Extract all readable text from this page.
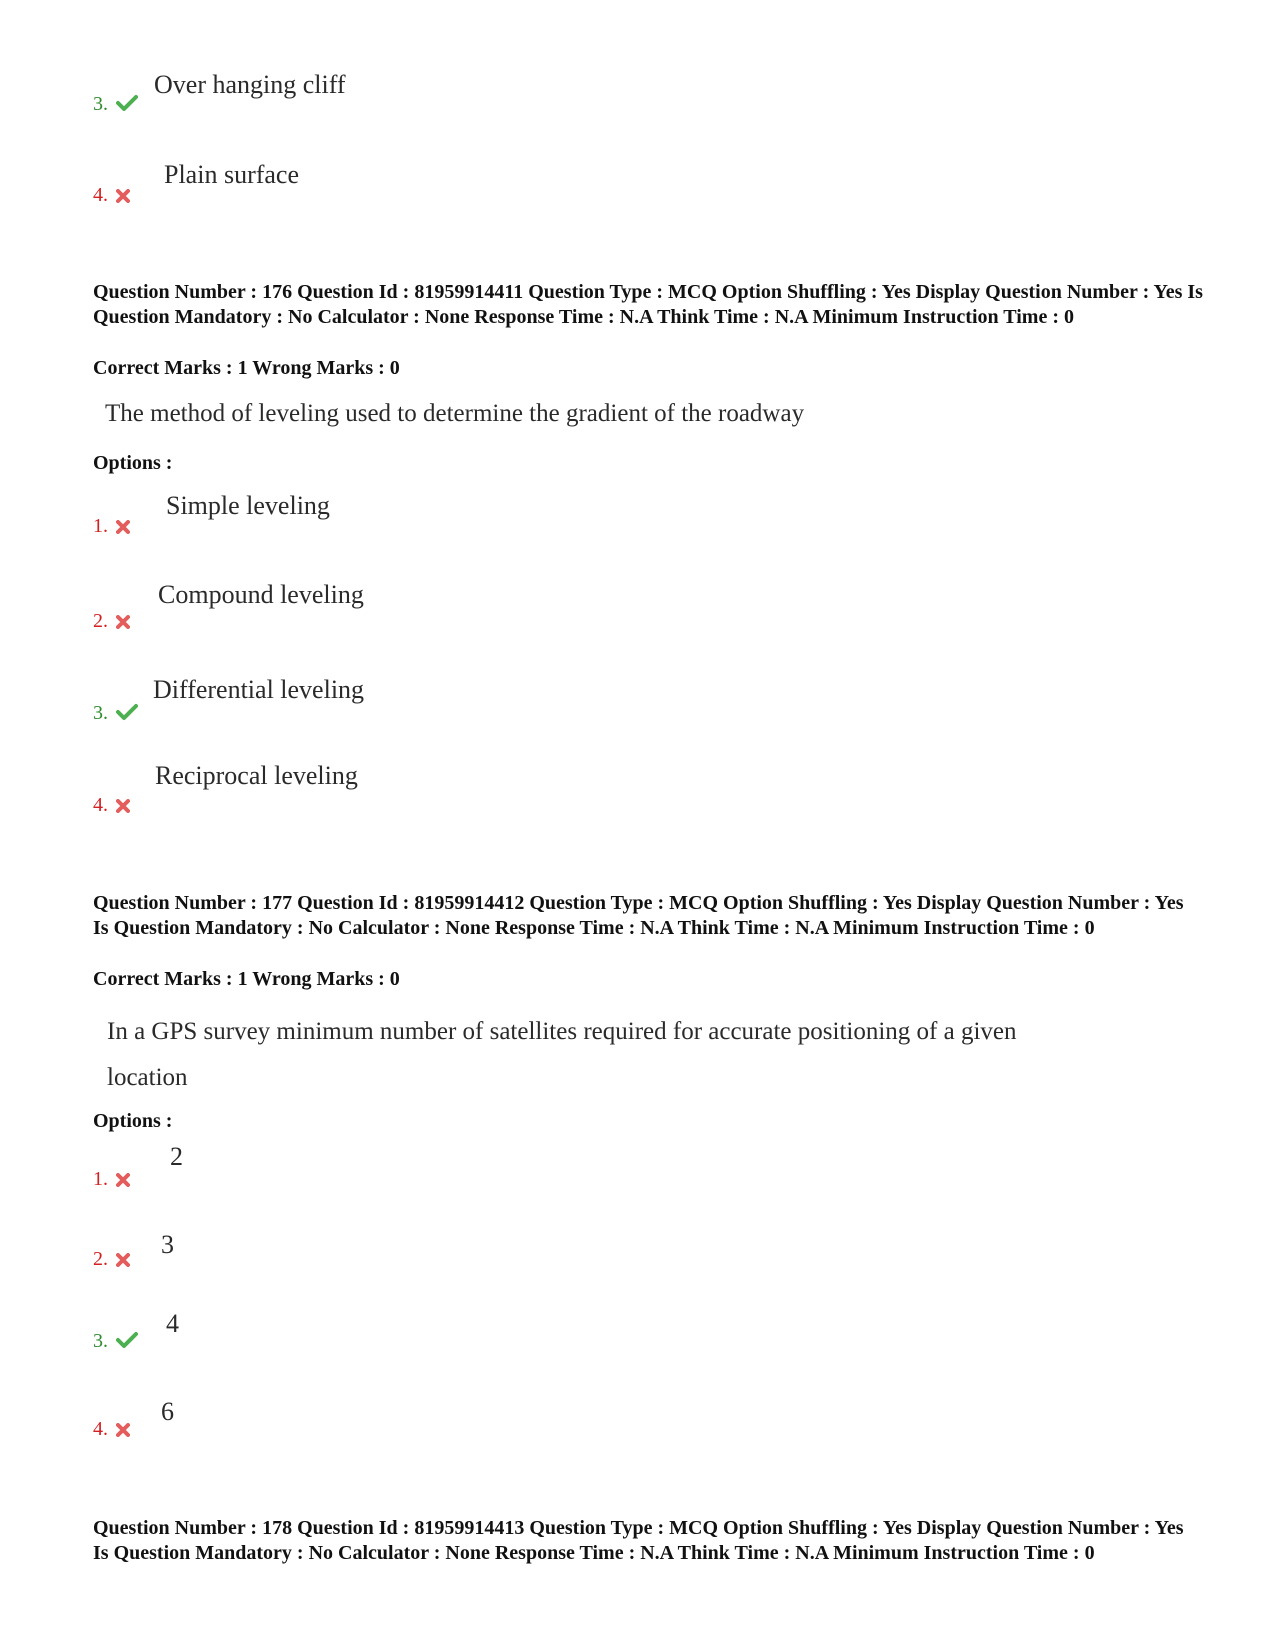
3.
Over hanging cliff
4.
Plain surface
Question Number : 176 Question Id : 81959914411 Question Type : MCQ Option Shuffling : Yes Display Question Number : Yes Is Question Mandatory : No Calculator : None Response Time : N.A Think Time : N.A Minimum Instruction Time : 0
Correct Marks : 1 Wrong Marks : 0
The method of leveling used to determine the gradient of the roadway
Options :
1.
Simple leveling
2.
Compound leveling
3.
Differential leveling
4.
Reciprocal leveling
Question Number : 177 Question Id : 81959914412 Question Type : MCQ Option Shuffling : Yes Display Question Number : Yes Is Question Mandatory : No Calculator : None Response Time : N.A Think Time : N.A Minimum Instruction Time : 0
Correct Marks : 1 Wrong Marks : 0
In a GPS survey minimum number of satellites required for accurate positioning of a given location
Options :
1.
2
2.	3
3.
4
4.
6
Question Number : 178 Question Id : 81959914413 Question Type : MCQ Option Shuffling : Yes Display Question Number : Yes Is Question Mandatory : No Calculator : None Response Time : N.A Think Time : N.A Minimum Instruction Time : 0
